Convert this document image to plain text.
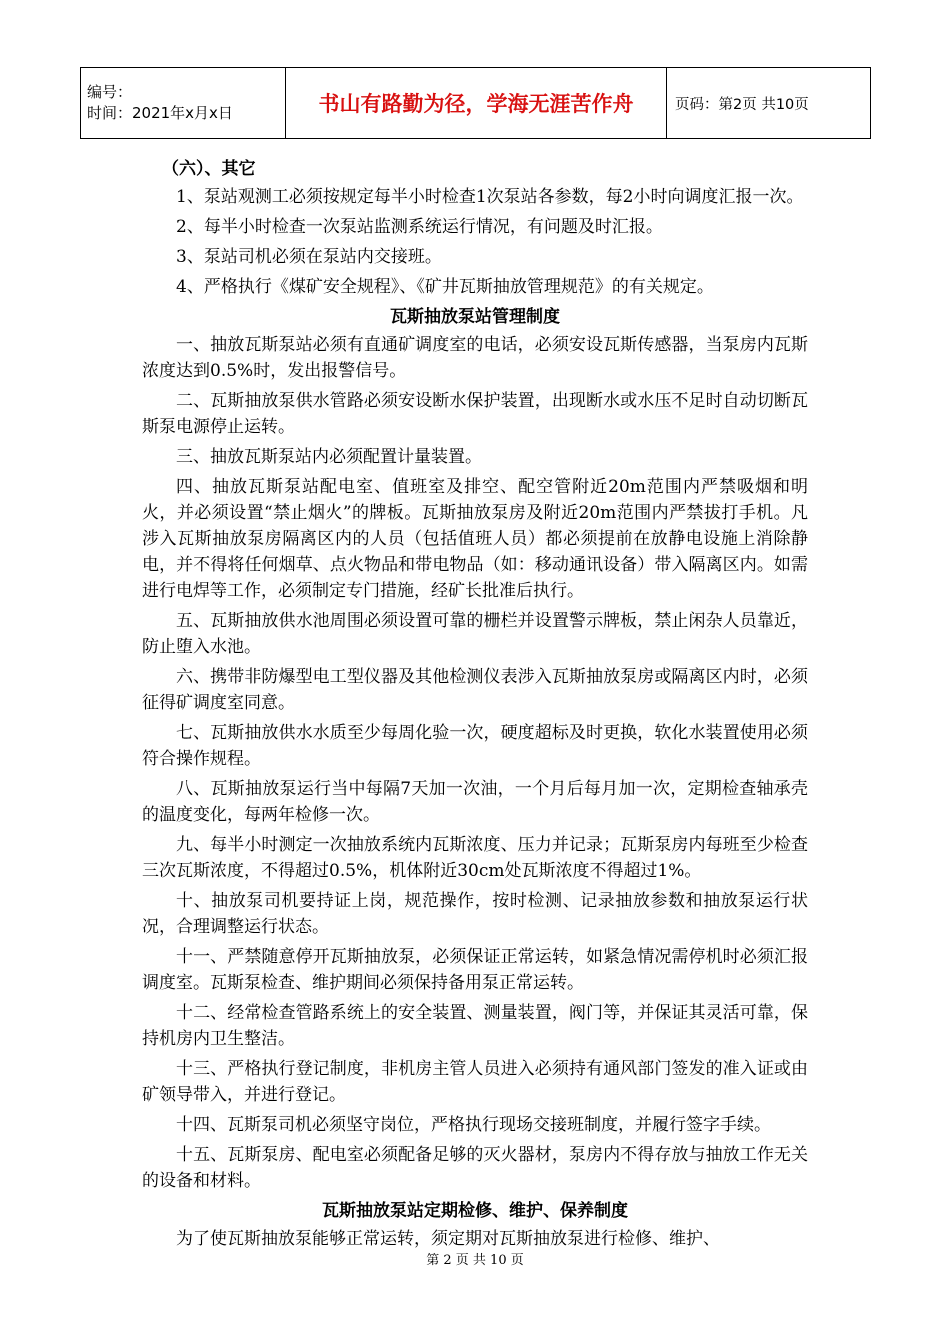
编号：
时间：2021年x月x日	书山有路勤为径，学海无涯苦作舟	页码：第2页 共10页

（六）、其它

1、泵站观测工必须按规定每半小时检查1次泵站各参数，每2小时向调度汇报一次。

2、每半小时检查一次泵站监测系统运行情况，有问题及时汇报。

3、泵站司机必须在泵站内交接班。

4、严格执行《煤矿安全规程》、《矿井瓦斯抽放管理规范》的有关规定。

瓦斯抽放泵站管理制度

一、抽放瓦斯泵站必须有直通矿调度室的电话，必须安设瓦斯传感器，当泵房内瓦斯浓度达到0.5%时，发出报警信号。

二、瓦斯抽放泵供水管路必须安设断水保护装置，出现断水或水压不足时自动切断瓦斯泵电源停止运转。

三、抽放瓦斯泵站内必须配置计量装置。

四、抽放瓦斯泵站配电室、值班室及排空、配空管附近20m范围内严禁吸烟和明火，并必须设置“禁止烟火”的牌板。瓦斯抽放泵房及附近20m范围内严禁拔打手机。凡涉入瓦斯抽放泵房隔离区内的人员（包括值班人员）都必须提前在放静电设施上消除静电，并不得将任何烟草、点火物品和带电物品（如：移动通讯设备）带入隔离区内。如需进行电焊等工作，必须制定专门措施，经矿长批准后执行。

五、瓦斯抽放供水池周围必须设置可靠的栅栏并设置警示牌板，禁止闲杂人员靠近，防止堕入水池。

六、携带非防爆型电工型仪器及其他检测仪表涉入瓦斯抽放泵房或隔离区内时，必须征得矿调度室同意。

七、瓦斯抽放供水水质至少每周化验一次，硬度超标及时更换，软化水装置使用必须符合操作规程。

八、瓦斯抽放泵运行当中每隔7天加一次油，一个月后每月加一次，定期检查轴承壳的温度变化，每两年检修一次。

九、每半小时测定一次抽放系统内瓦斯浓度、压力并记录；瓦斯泵房内每班至少检查三次瓦斯浓度，不得超过0.5%，机体附近30cm处瓦斯浓度不得超过1%。

十、抽放泵司机要持证上岗，规范操作，按时检测、记录抽放参数和抽放泵运行状况，合理调整运行状态。

十一、严禁随意停开瓦斯抽放泵，必须保证正常运转，如紧急情况需停机时必须汇报调度室。瓦斯泵检查、维护期间必须保持备用泵正常运转。

十二、经常检查管路系统上的安全装置、测量装置，阀门等，并保证其灵活可靠，保持机房内卫生整洁。

十三、严格执行登记制度，非机房主管人员进入必须持有通风部门签发的准入证或由矿领导带入，并进行登记。

十四、瓦斯泵司机必须坚守岗位，严格执行现场交接班制度，并履行签字手续。

十五、瓦斯泵房、配电室必须配备足够的灭火器材，泵房内不得存放与抽放工作无关的设备和材料。

瓦斯抽放泵站定期检修、维护、保养制度

为了使瓦斯抽放泵能够正常运转，须定期对瓦斯抽放泵进行检修、维护、

第 2 页 共 10 页
